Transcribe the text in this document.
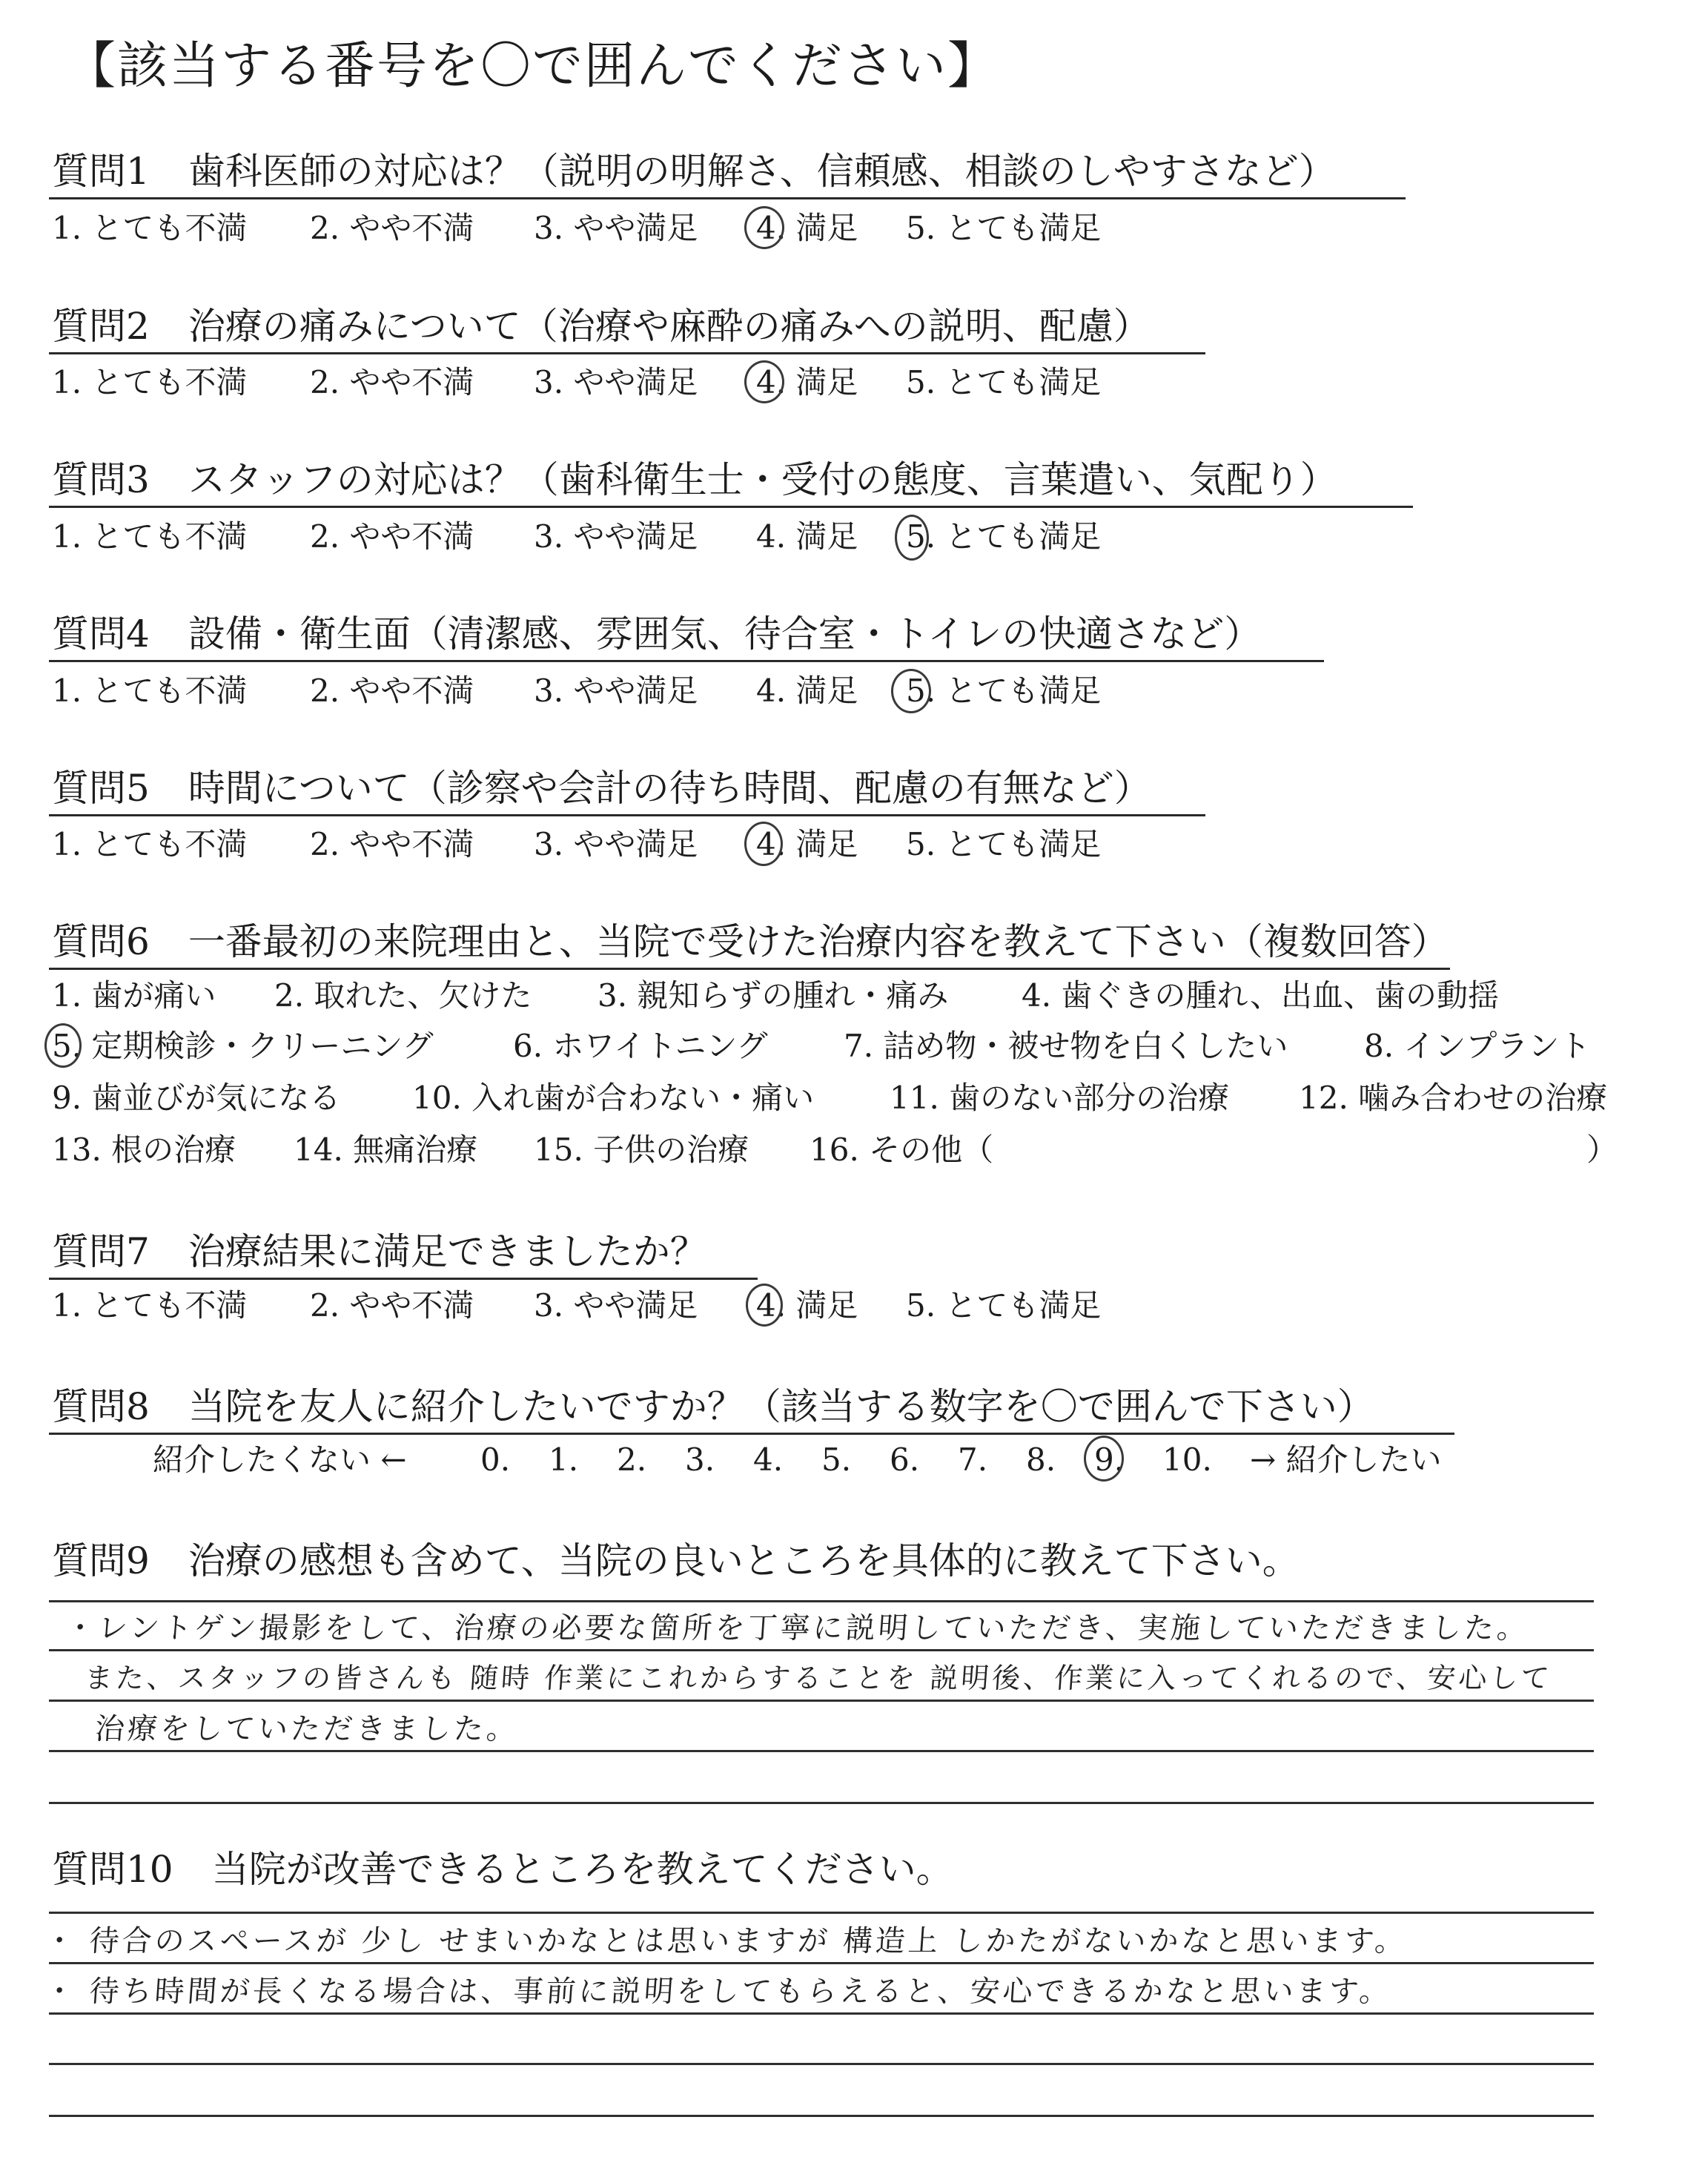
【該当する番号を〇で囲んでください】
質問1 歯科医師の対応は？（説明の明解さ、信頼感、相談のしやすさなど）
1. とても不満 2. やや不満 3. やや満足 4. 満足 5. とても満足
質問2 治療の痛みについて（治療や麻酔の痛みへの説明、配慮）
1. とても不満 2. やや不満 3. やや満足 4. 満足 5. とても満足
質問3 スタッフの対応は？（歯科衛生士・受付の態度、言葉遣い、気配り）
1. とても不満 2. やや不満 3. やや満足 4. 満足 5. とても満足
質問4 設備・衛生面（清潔感、雰囲気、待合室・トイレの快適さなど）
1. とても不満 2. やや不満 3. やや満足 4. 満足 5. とても満足
質問5 時間について（診察や会計の待ち時間、配慮の有無など）
1. とても不満 2. やや不満 3. やや満足 4. 満足 5. とても満足
質問6 一番最初の来院理由と、当院で受けた治療内容を教えて下さい（複数回答）
1. 歯が痛い 2. 取れた、欠けた 3. 親知らずの腫れ・痛み 4. 歯ぐきの腫れ、出血、歯の動揺
5. 定期検診・クリーニング	6. ホワイトニング 7. 詰め物・被せ物を白くしたい 8. インプラント
9. 歯並びが気になる 10. 入れ歯が合わない・痛い 11. 歯のない部分の治療 12. 噛み合わせの治療
13. 根の治療 14. 無痛治療 15. 子供の治療 16. その他（	）
質問7 治療結果に満足できましたか？
1. とても不満 2. やや不満 3. やや満足 4. 満足 5. とても満足
質問8 当院を友人に紹介したいですか？（該当する数字を〇で囲んで下さい）
紹介したくない ← 0. 1. 2. 3. 4. 5. 6. 7. 8. 9. 10. → 紹介したい
質問9 治療の感想も含めて、当院の良いところを具体的に教えて下さい。
・レントゲン撮影をして、治療の必要な箇所を丁寧に説明していただき、実施していただきました。
また、スタッフの皆さんも 随時 作業にこれからすることを 説明後、作業に入ってくれるので、安心して
治療をしていただきました。
質問10 当院が改善できるところを教えてください。
・ 待合のスペースが 少し せまいかなとは思いますが 構造上 しかたがないかなと思います。
・ 待ち時間が長くなる場合は、事前に説明をしてもらえると、安心できるかなと思います。
